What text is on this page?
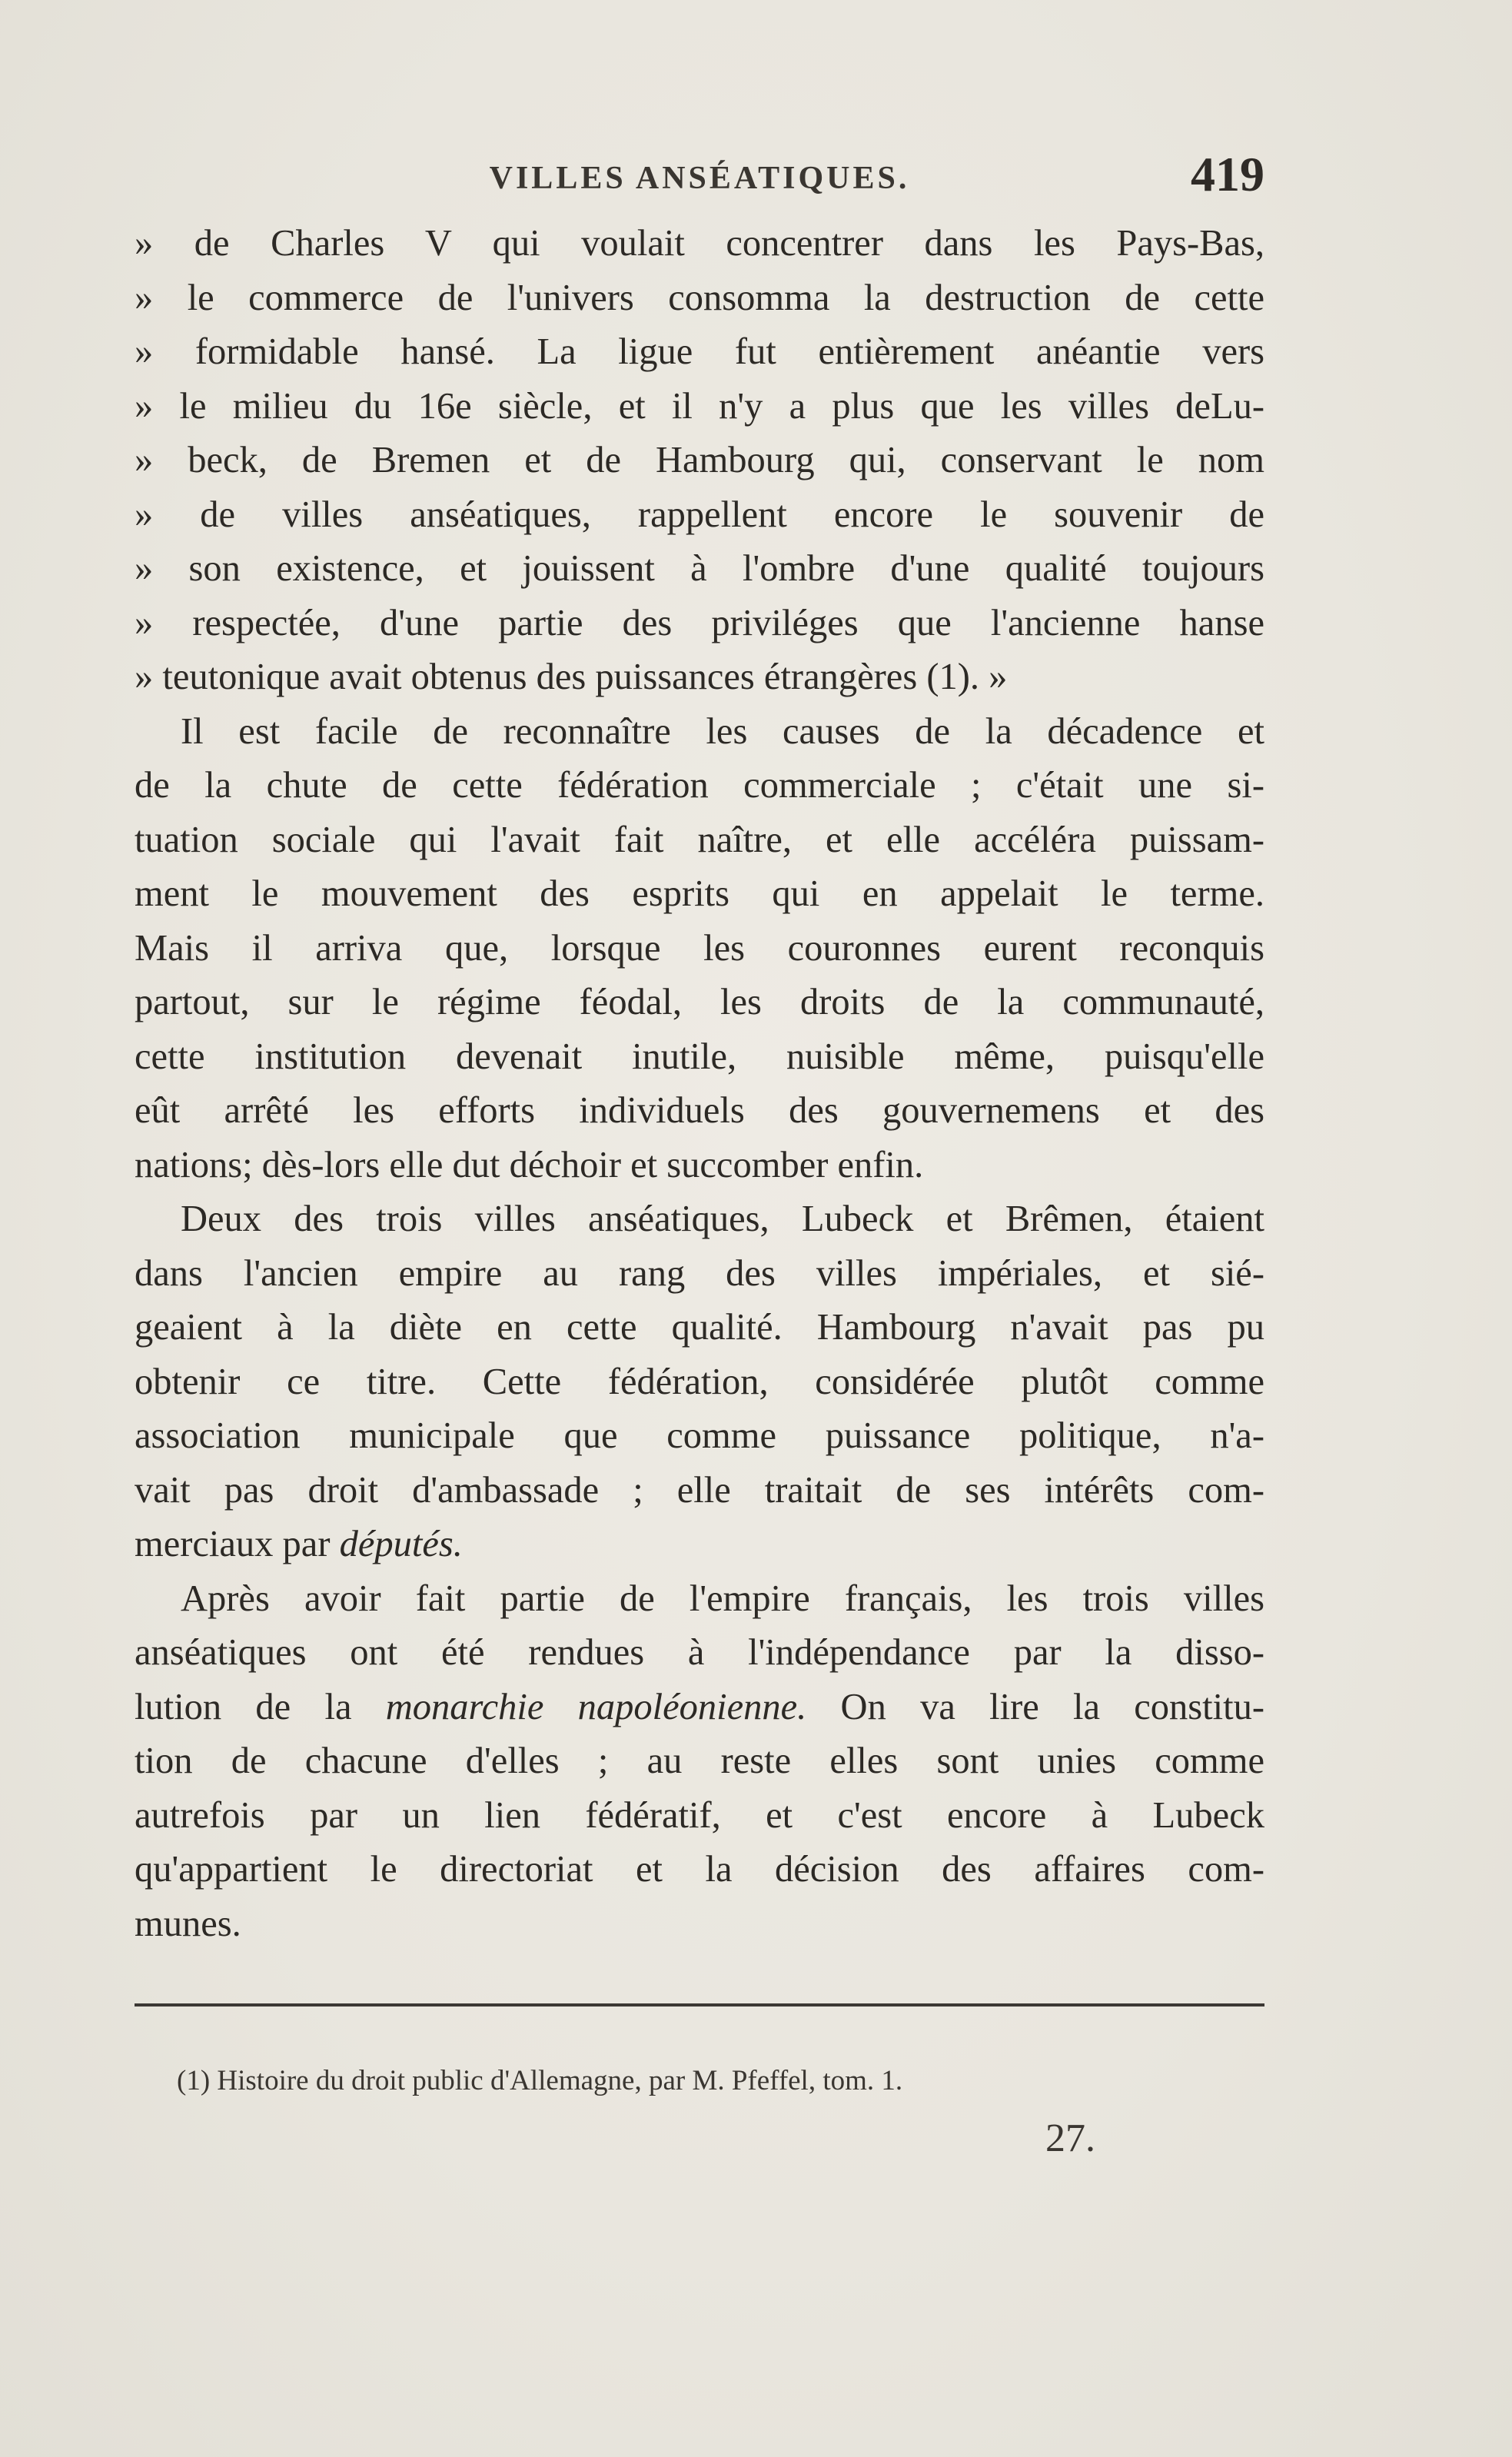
VILLES ANSÉATIQUES.	419
» de Charles V qui voulait concentrer dans les Pays-Bas,
» le commerce de l'univers consomma la destruction de cette
» formidable hansé. La ligue fut entièrement anéantie vers
» le milieu du 16e siècle, et il n'y a plus que les villes deLu-
» beck, de Bremen et de Hambourg qui, conservant le nom
» de villes anséatiques, rappellent encore le souvenir de
» son existence, et jouissent à l'ombre d'une qualité toujours
» respectée, d'une partie des priviléges que l'ancienne hanse
» teutonique avait obtenus des puissances étrangères (1). »
Il est facile de reconnaître les causes de la décadence et
de la chute de cette fédération commerciale ; c'était une si-
tuation sociale qui l'avait fait naître, et elle accéléra puissam-
ment le mouvement des esprits qui en appelait le terme.
Mais il arriva que, lorsque les couronnes eurent reconquis
partout, sur le régime féodal, les droits de la communauté,
cette institution devenait inutile, nuisible même, puisqu'elle
eût arrêté les efforts individuels des gouvernemens et des
nations; dès-lors elle dut déchoir et succomber enfin.
Deux des trois villes anséatiques, Lubeck et Brêmen, étaient
dans l'ancien empire au rang des villes impériales, et sié-
geaient à la diète en cette qualité. Hambourg n'avait pas pu
obtenir ce titre. Cette fédération, considérée plutôt comme
association municipale que comme puissance politique, n'a-
vait pas droit d'ambassade ; elle traitait de ses intérêts com-
merciaux par députés.
Après avoir fait partie de l'empire français, les trois villes
anséatiques ont été rendues à l'indépendance par la disso-
lution de la monarchie napoléonienne. On va lire la constitu-
tion de chacune d'elles ; au reste elles sont unies comme
autrefois par un lien fédératif, et c'est encore à Lubeck
qu'appartient le directoriat et la décision des affaires com-
munes.
(1) Histoire du droit public d'Allemagne, par M. Pfeffel, tom. 1.
27.
